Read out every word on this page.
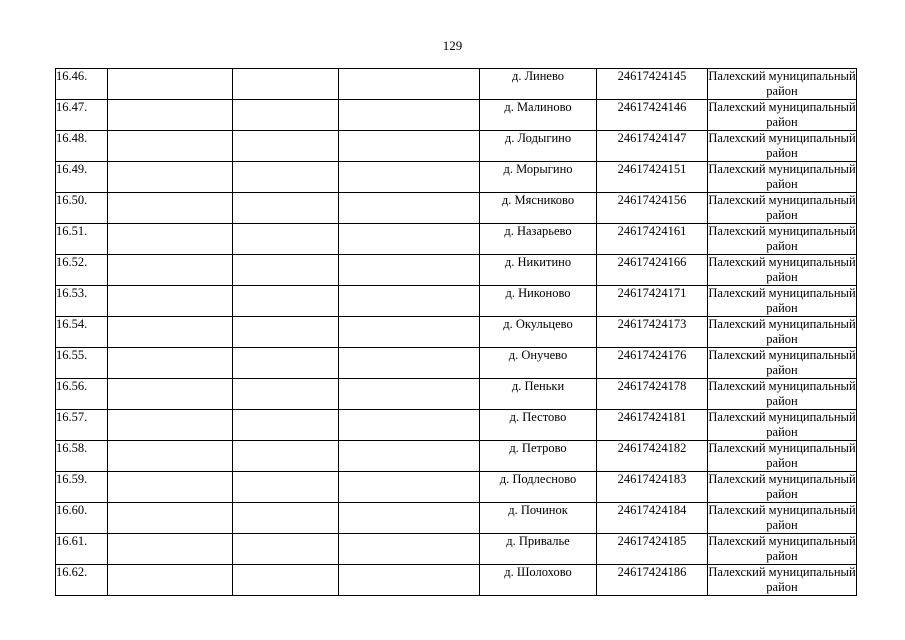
129
16.46.				д. Линево	24617424145	Палехский муниципальный район
16.47.				д. Малиново	24617424146	Палехский муниципальный район
16.48.				д. Лодыгино	24617424147	Палехский муниципальный район
16.49.				д. Морыгино	24617424151	Палехский муниципальный район
16.50.				д. Мясниково	24617424156	Палехский муниципальный район
16.51.				д. Назарьево	24617424161	Палехский муниципальный район
16.52.				д. Никитино	24617424166	Палехский муниципальный район
16.53.				д. Никоново	24617424171	Палехский муниципальный район
16.54.				д. Окульцево	24617424173	Палехский муниципальный район
16.55.				д. Онучево	24617424176	Палехский муниципальный район
16.56.				д. Пеньки	24617424178	Палехский муниципальный район
16.57.				д. Пестово	24617424181	Палехский муниципальный район
16.58.				д. Петрово	24617424182	Палехский муниципальный район
16.59.				д. Подлесново	24617424183	Палехский муниципальный район
16.60.				д. Починок	24617424184	Палехский муниципальный район
16.61.				д. Привалье	24617424185	Палехский муниципальный район
16.62.				д. Шолохово	24617424186	Палехский муниципальный район
